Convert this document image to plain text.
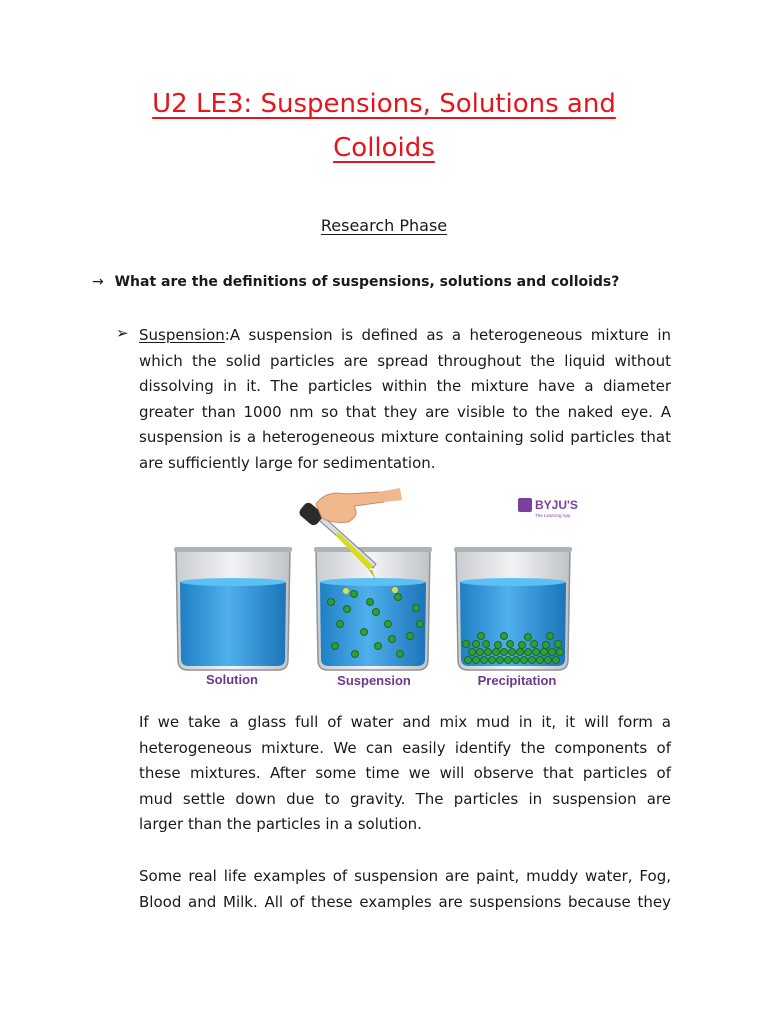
U2 LE3: Suspensions, Solutions and
Colloids
Research Phase
→ What are the definitions of suspensions, solutions and colloids?
➢ Suspension:A suspension is defined as a heterogeneous mixture in
which the solid particles are spread throughout the liquid without
dissolving in it. The particles within the mixture have a diameter
greater than 1000 nm so that they are visible to the naked eye. A
suspension is a heterogeneous mixture containing solid particles that
are sufficiently large for sedimentation.
BYJU'S
The Learning App
Solution	Suspension	Precipitation
If we take a glass full of water and mix mud in it, it will form a
heterogeneous mixture. We can easily identify the components of
these mixtures. After some time we will observe that particles of
mud settle down due to gravity. The particles in suspension are
larger than the particles in a solution.
Some real life examples of suspension are paint, muddy water, Fog,
Blood and Milk. All of these examples are suspensions because they
